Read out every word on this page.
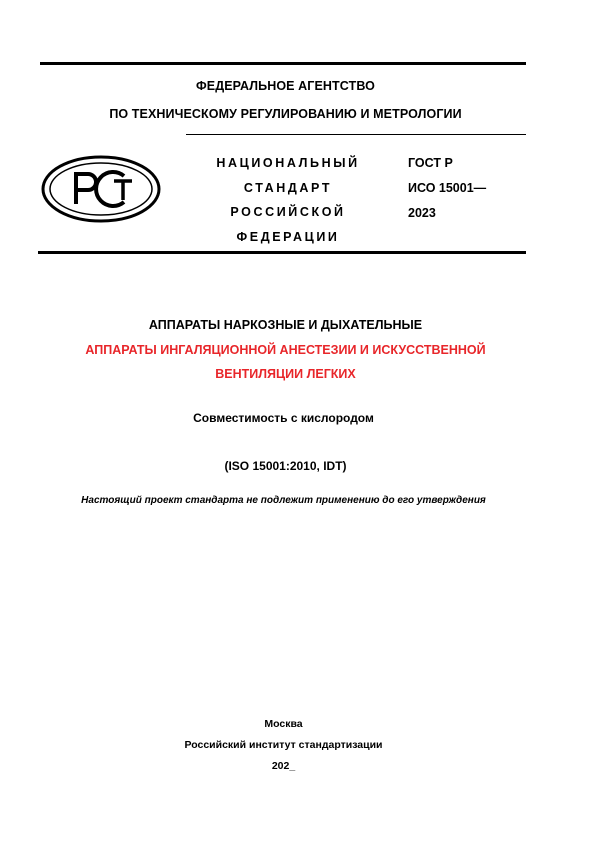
ФЕДЕРАЛЬНОЕ АГЕНТСТВО
ПО ТЕХНИЧЕСКОМУ РЕГУЛИРОВАНИЮ И МЕТРОЛОГИИ
НАЦИОНАЛЬНЫЙ
СТАНДАРТ
РОССИЙСКОЙ
ФЕДЕРАЦИИ
ГОСТ Р
ИСО 15001—
2023
АППАРАТЫ НАРКОЗНЫЕ И ДЫХАТЕЛЬНЫЕ
АППАРАТЫ ИНГАЛЯЦИОННОЙ АНЕСТЕЗИИ И ИСКУССТВЕННОЙ
ВЕНТИЛЯЦИИ ЛЕГКИХ
Совместимость с кислородом
(ISO 15001:2010, IDT)
Настоящий проект стандарта не подлежит применению до его утверждения
Москва
Российский институт стандартизации
202_
